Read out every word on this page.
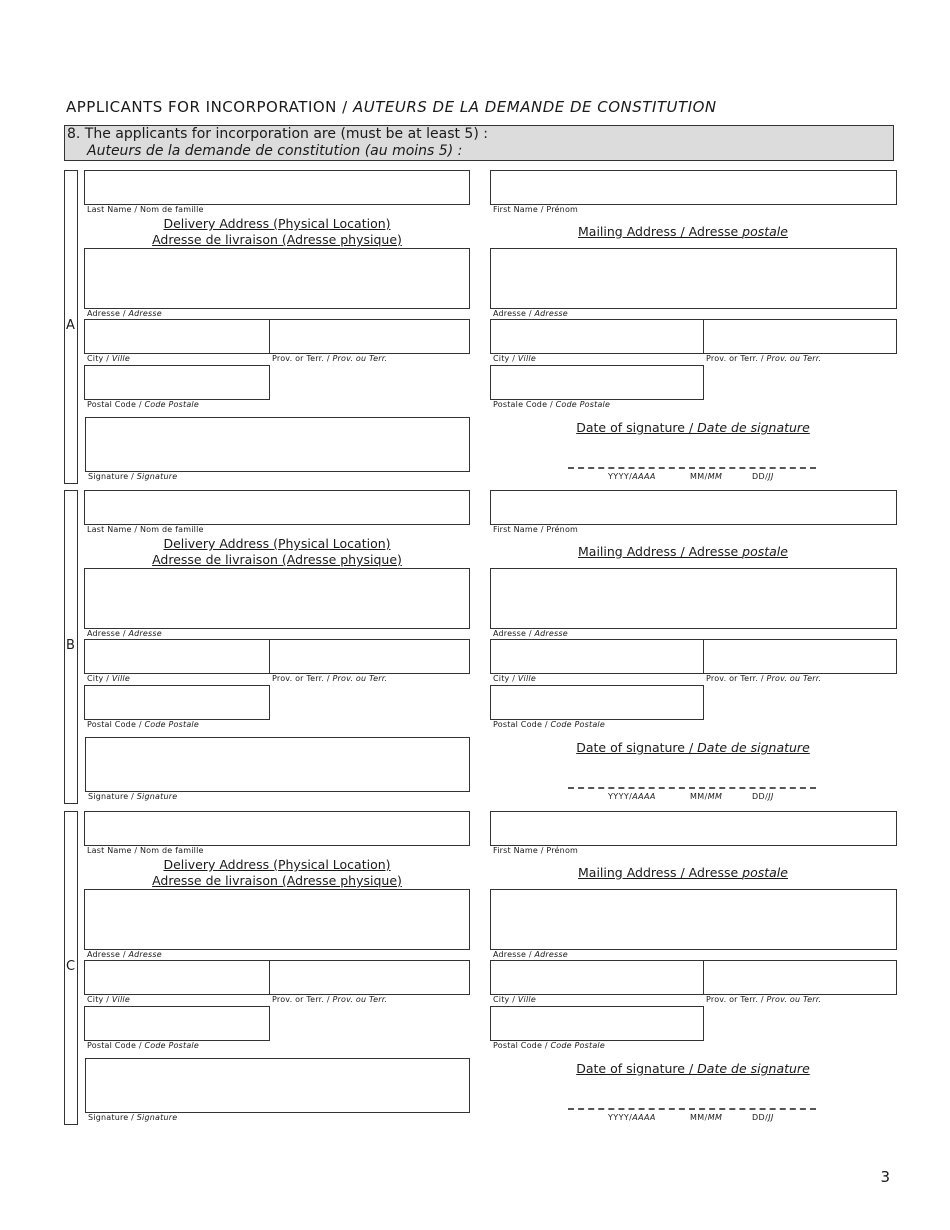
APPLICANTS FOR INCORPORATION / AUTEURS DE LA DEMANDE DE CONSTITUTION
8. The applicants for incorporation are (must be at least 5) :
Auteurs de la demande de constitution (au moins 5) :
A
Last Name / Nom de famille	First Name / Prénom
Delivery Address (Physical Location)
Adresse de livraison (Adresse physique)
Mailing Address / Adresse postale
Adresse / Adresse	Adresse / Adresse
City / Ville	Prov. or Terr. / Prov. ou Terr.	City / Ville	Prov. or Terr. / Prov. ou Terr.
Postal Code / Code Postale	Postale Code / Code Postale
Signature / Signature
Date of signature / Date de signature
YYYY/AAAA	MM/MM	DD/JJ
B
Last Name / Nom de famille	First Name / Prénom
Delivery Address (Physical Location)
Adresse de livraison (Adresse physique)
Mailing Address / Adresse postale
Adresse / Adresse	Adresse / Adresse
City / Ville	Prov. or Terr. / Prov. ou Terr.	City / Ville	Prov. or Terr. / Prov. ou Terr.
Postal Code / Code Postale	Postal Code / Code Postale
Signature / Signature
Date of signature / Date de signature
YYYY/AAAA	MM/MM	DD/JJ
C
Last Name / Nom de famille	First Name / Prénom
Delivery Address (Physical Location)
Adresse de livraison (Adresse physique)
Mailing Address / Adresse postale
Adresse / Adresse	Adresse / Adresse
City / Ville	Prov. or Terr. / Prov. ou Terr.	City / Ville	Prov. or Terr. / Prov. ou Terr.
Postal Code / Code Postale	Postal Code / Code Postale
Signature / Signature
Date of signature / Date de signature
YYYY/AAAA	MM/MM	DD/JJ
3
